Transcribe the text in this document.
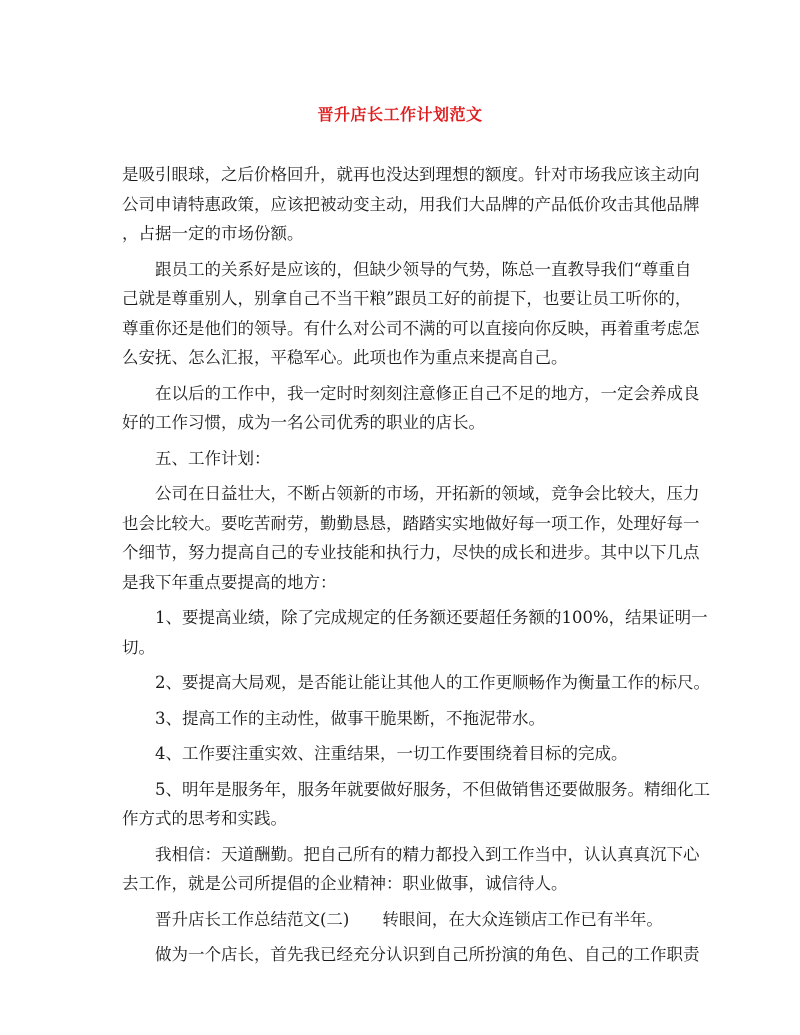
晋升店长工作计划范文
是吸引眼球，之后价格回升，就再也没达到理想的额度。针对市场我应该主动向
公司申请特惠政策，应该把被动变主动，用我们大品牌的产品低价攻击其他品牌
，占据一定的市场份额。
跟员工的关系好是应该的，但缺少领导的气势，陈总一直教导我们“尊重自
己就是尊重别人，别拿自己不当干粮”跟员工好的前提下，也要让员工听你的，
尊重你还是他们的领导。有什么对公司不满的可以直接向你反映，再着重考虑怎
么安抚、怎么汇报，平稳军心。此项也作为重点来提高自己。
在以后的工作中，我一定时时刻刻注意修正自己不足的地方，一定会养成良
好的工作习惯，成为一名公司优秀的职业的店长。
五、工作计划：
公司在日益壮大，不断占领新的市场，开拓新的领域，竞争会比较大，压力
也会比较大。要吃苦耐劳，勤勤恳恳，踏踏实实地做好每一项工作，处理好每一
个细节，努力提高自己的专业技能和执行力，尽快的成长和进步。其中以下几点
是我下年重点要提高的地方：
1、要提高业绩，除了完成规定的任务额还要超任务额的100%，结果证明一
切。
2、要提高大局观，是否能让能让其他人的工作更顺畅作为衡量工作的标尺。
3、提高工作的主动性，做事干脆果断，不拖泥带水。
4、工作要注重实效、注重结果，一切工作要围绕着目标的完成。
5、明年是服务年，服务年就要做好服务，不但做销售还要做服务。精细化工
作方式的思考和实践。
我相信：天道酬勤。把自己所有的精力都投入到工作当中，认认真真沉下心
去工作，就是公司所提倡的企业精神：职业做事，诚信待人。
晋升店长工作总结范文(二)　　转眼间，在大众连锁店工作已有半年。
做为一个店长，首先我已经充分认识到自己所扮演的角色、自己的工作职责
